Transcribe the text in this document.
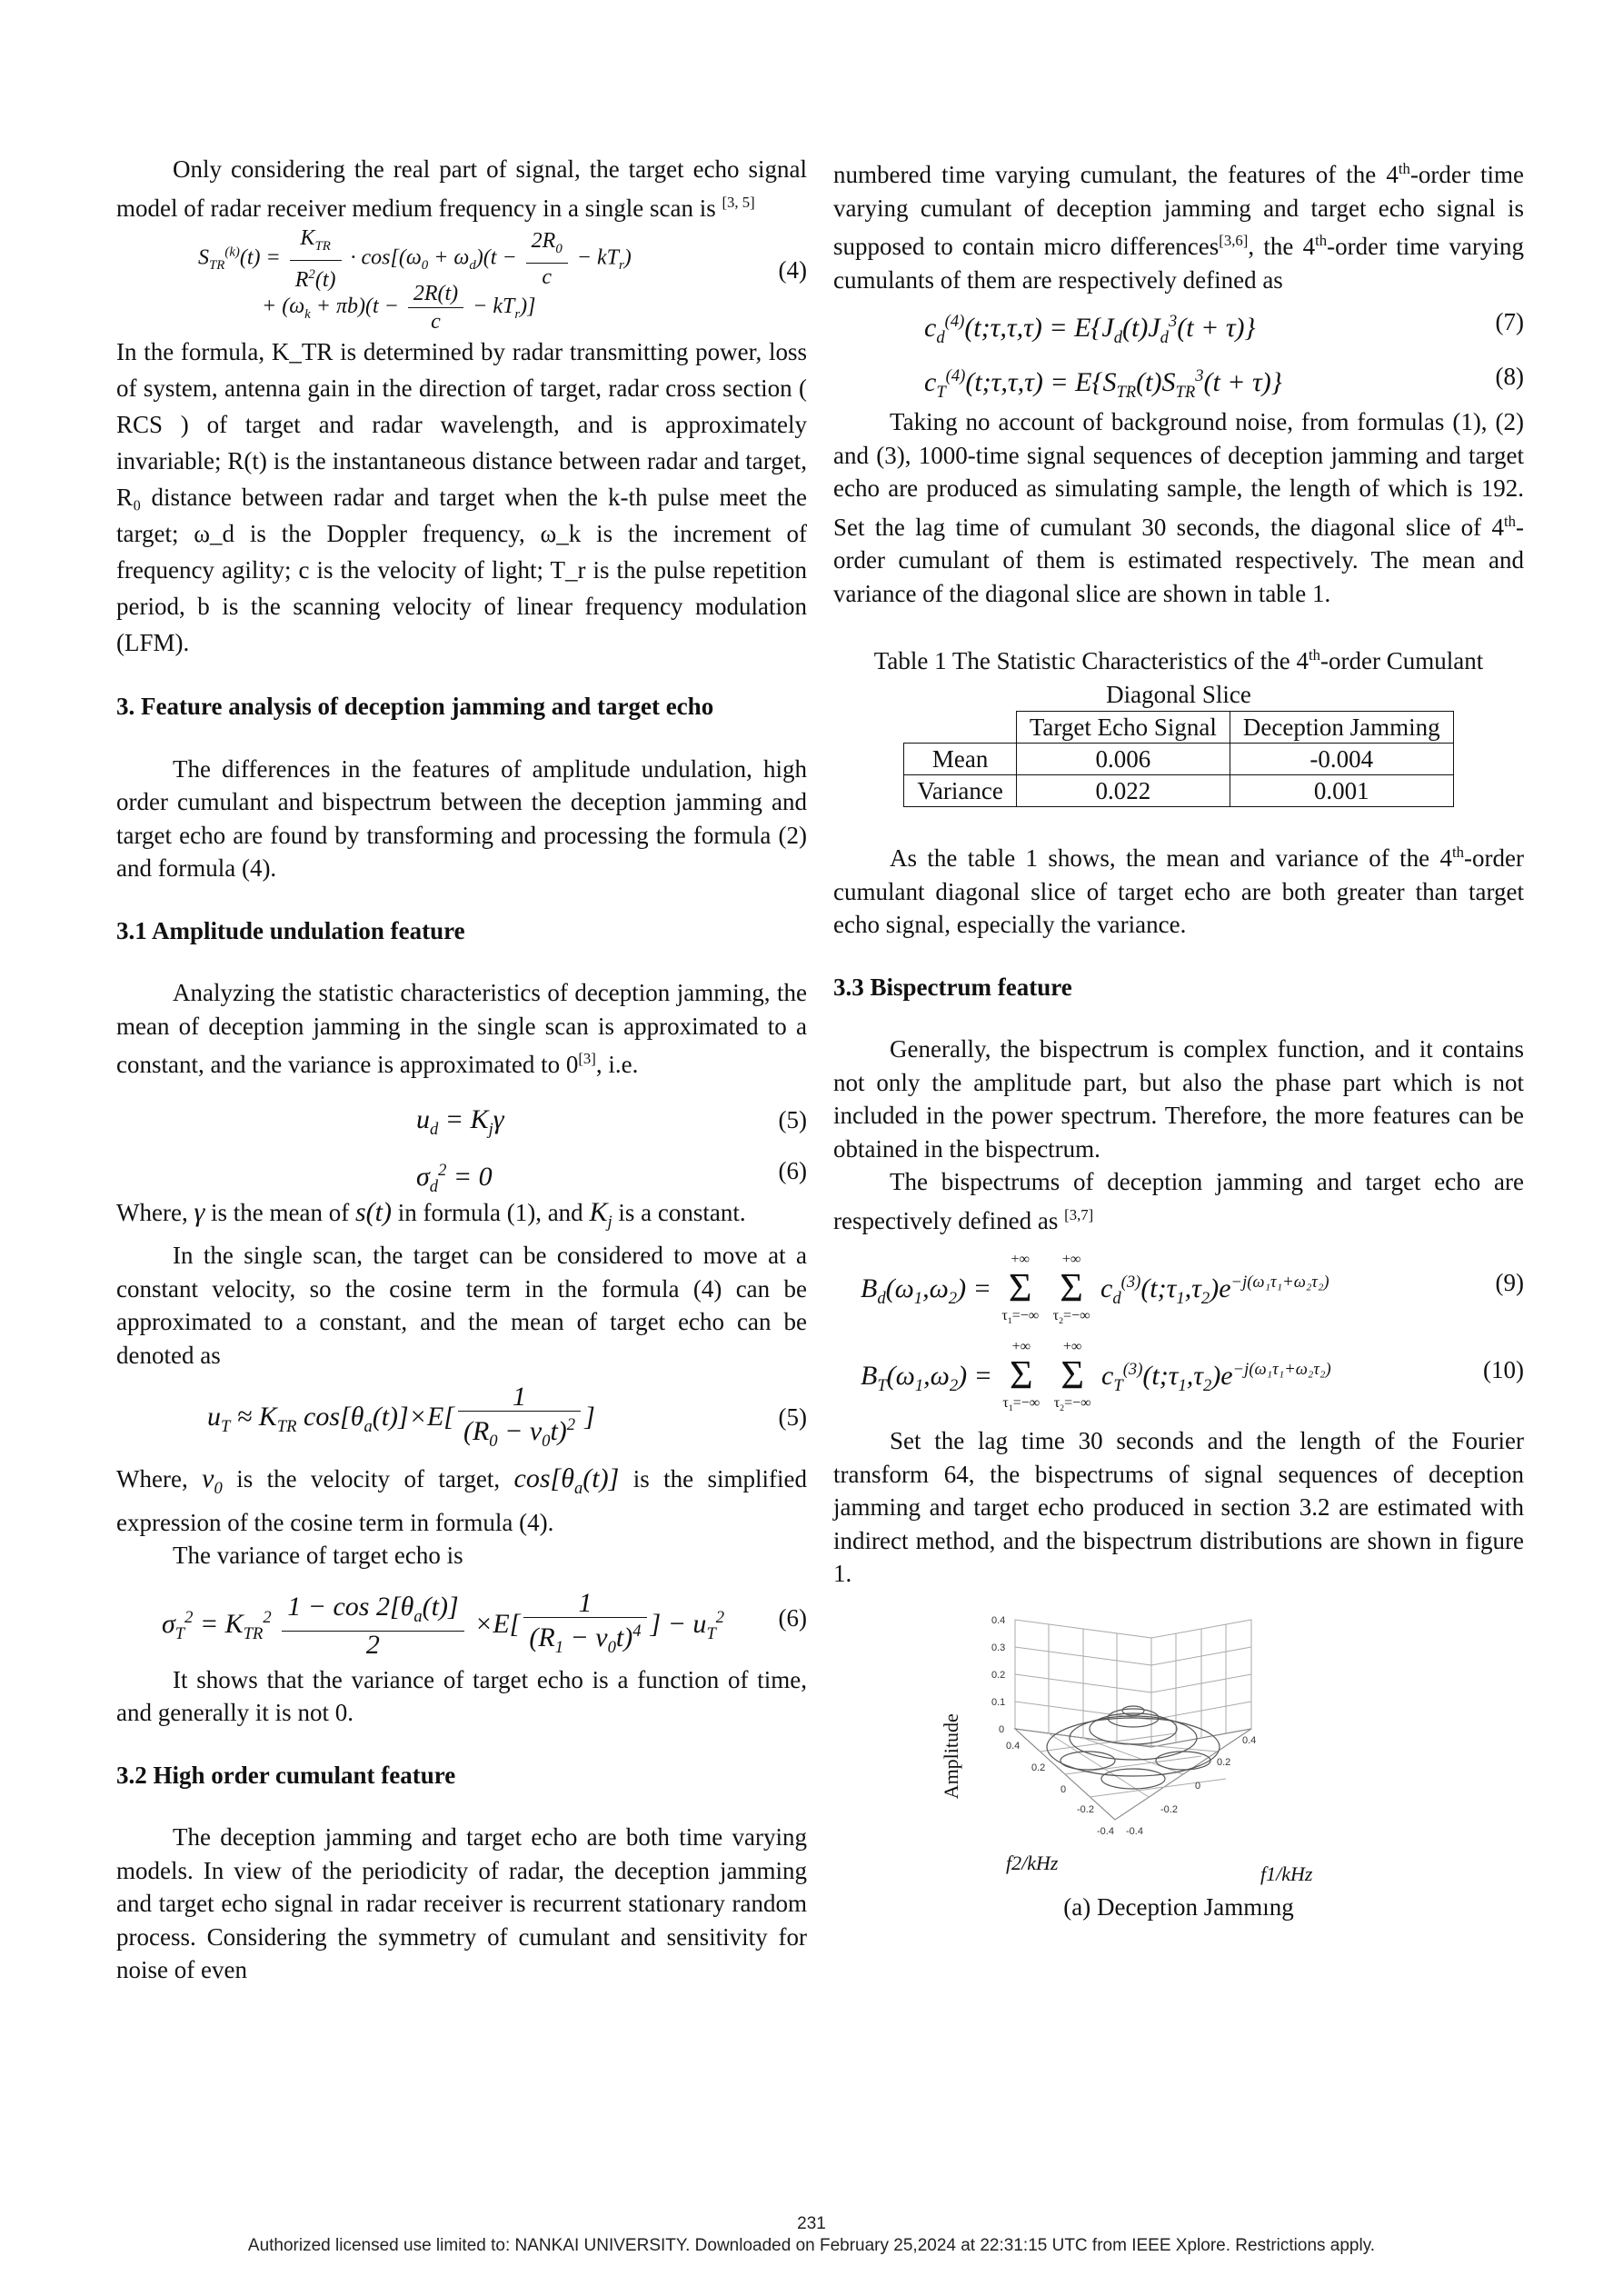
Only considering the real part of signal, the target echo signal model of radar receiver medium frequency in a single scan is [3, 5]

$S_{TR}^{(k)}(t) = \frac{K_{TR}}{R^2(t)} \cdot \cos[(\omega_0 + \omega_d)(t - \frac{2R_0}{c} - kT_r)$
+ $(\omega_k + \pi b)(t - \frac{2R(t)}{c} - kT_r)$]
(4)

In the formula, K_TR is determined by radar transmitting power, loss of system, antenna gain in the direction of target, radar cross section ( RCS ) of target and radar wavelength, and is approximately invariable; R(t) is the instantaneous distance between radar and target, R₀ distance between radar and target when the k-th pulse meet the target; ω_d is the Doppler frequency, ω_k is the increment of frequency agility; c is the velocity of light; T_r is the pulse repetition period, b is the scanning velocity of linear frequency modulation (LFM).

3. Feature analysis of deception jamming and target echo

The differences in the features of amplitude undulation, high order cumulant and bispectrum between the deception jamming and target echo are found by transforming and processing the formula (2) and formula (4).

3.1 Amplitude undulation feature

Analyzing the statistic characteristics of deception jamming, the mean of deception jamming in the single scan is approximated to a constant, and the variance is approximated to 0[3], i.e.

$u_d = K_j\gamma$	(5)
$\sigma_d^2 = 0$	(6)

Where, γ is the mean of s(t) in formula (1), and $K_j$ is a constant.

In the single scan, the target can be considered to move at a constant velocity, so the cosine term in the formula (4) can be approximated to a constant, and the mean of target echo can be denoted as

$u_T \approx K_{TR}$ $\cos[\theta_a(t)]\times E[ \frac{1}{(R_0 - v_0t)^2}$ ]	(5)

Where, $v_0$ is the velocity of target, $\cos[\theta_a(t)]$ is the simplified expression of the cosine term in formula (4).

The variance of target echo is

$\sigma_T^2 = K_{TR}^2 \frac{1 - \cos 2[\theta_a(t)]}{2} \times E[ \frac{1}{(R_1 - v_0t)^4}$ ] − $u_T^2$ (6)

It shows that the variance of target echo is a function of time, and generally it is not 0.

3.2 High order cumulant feature

The deception jamming and target echo are both time varying models. In view of the periodicity of radar, the deception jamming and target echo signal in radar receiver is recurrent stationary random process. Considering the symmetry of cumulant and sensitivity for noise of even

numbered time varying cumulant, the features of the 4th-order time varying cumulant of deception jamming and target echo signal is supposed to contain micro differences[3,6], the 4th-order time varying cumulants of them are respectively defined as

$c_d^{(4)}(t;\tau,\tau,\tau) = E\{J_d(t)J_d^3(t + \tau)\}$	(7)
$c_T^{(4)}(t;\tau,\tau,\tau) = E\{S_{TR}(t)S_{TR}^3(t + \tau)\}$	(8)

Taking no account of background noise, from formulas (1), (2) and (3), 1000-time signal sequences of deception jamming and target echo are produced as simulating sample, the length of which is 192. Set the lag time of cumulant 30 seconds, the diagonal slice of 4th-order cumulant of them is estimated respectively. The mean and variance of the diagonal slice are shown in table 1.

Table 1 The Statistic Characteristics of the 4th-order Cumulant Diagonal Slice

	Target Echo Signal	Deception Jamming
Mean	0.006	-0.004
Variance	0.022	0.001

As the table 1 shows, the mean and variance of the 4th-order cumulant diagonal slice of target echo are both greater than target echo signal, especially the variance.

3.3 Bispectrum feature

Generally, the bispectrum is complex function, and it contains not only the amplitude part, but also the phase part which is not included in the power spectrum. Therefore, the more features can be obtained in the bispectrum.

The bispectrums of deception jamming and target echo are respectively defined as [3,7]

$B_d(\omega_1,\omega_2)$ =
+∞
Σ
$\tau_1=-\infty$

+∞
Σ
$\tau_2=-\infty$
$c_d^{(3)}(t;\tau_1,\tau_2)e^{-j(\omega_1\tau_1+\omega_2\tau_2)}$	(9)
$B_T(\omega_1,\omega_2)$ =
+∞
Σ
$\tau_1=-\infty$

+∞
Σ
$\tau_2=-\infty$
$c_T^{(3)}(t;\tau_1,\tau_2)e^{-j(\omega_1\tau_1+\omega_2\tau_2)}$	(10)

Set the lag time 30 seconds and the length of the Fourier transform 64, the bispectrums of signal sequences of deception jamming and target echo produced in section 3.2 are estimated with indirect method, and the bispectrum distributions are shown in figure 1.

Amplitude
0.4
0.3
0.2
0.1
0
0.4
0.2
0
-0.2
-0.4 -0.4
-0.2
0
0.2
0.4
f2/kHz	f1/kHz

(a) Deception Jammıng

231
Authorized licensed use limited to: NANKAI UNIVERSITY. Downloaded on February 25,2024 at 22:31:15 UTC from IEEE Xplore. Restrictions apply.
